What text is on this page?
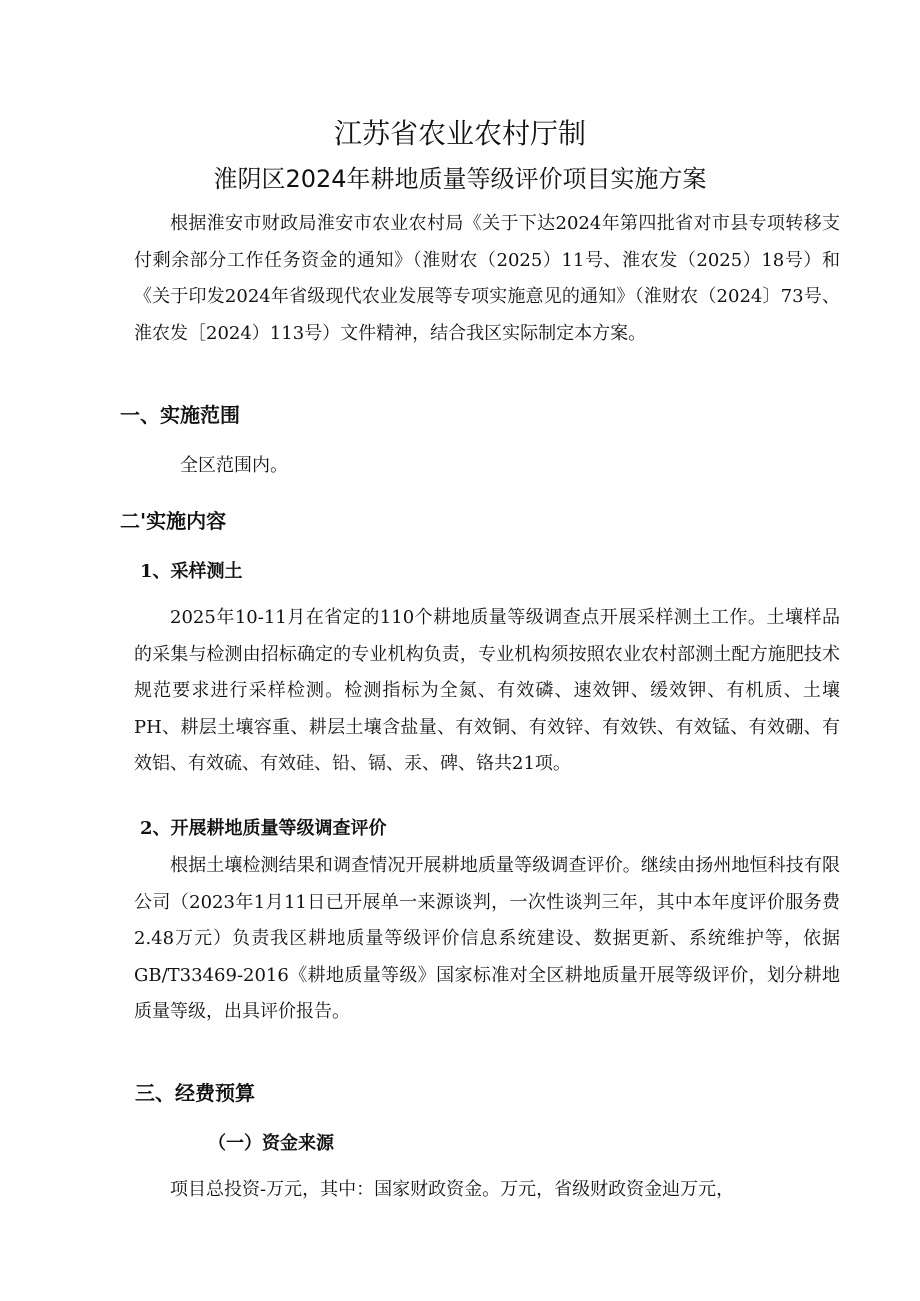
江苏省农业农村厅制
淮阴区2024年耕地质量等级评价项目实施方案

根据淮安市财政局淮安市农业农村局《关于下达2024年第四批省对市县专项转移支付剩余部分工作任务资金的通知》（淮财农（2025）11号、淮农发（2025）18号）和《关于印发2024年省级现代农业发展等专项实施意见的通知》（淮财农（2024〕73号、淮农发［2024）113号）文件精神，结合我区实际制定本方案。

一、实施范围

全区范围内。

二'实施内容
1、采样测土

2025年10-11月在省定的110个耕地质量等级调查点开展采样测土工作。土壤样品的采集与检测由招标确定的专业机构负责，专业机构须按照农业农村部测土配方施肥技术规范要求进行采样检测。检测指标为全氮、有效磷、速效钾、缓效钾、有机质、土壤PH、耕层土壤容重、耕层土壤含盐量、有效铜、有效锌、有效铁、有效锰、有效硼、有效铝、有效硫、有效硅、铅、镉、汞、碑、铬共21项。

2、开展耕地质量等级调查评价

根据土壤检测结果和调查情况开展耕地质量等级调查评价。继续由扬州地恒科技有限公司（2023年1月11日已开展单一来源谈判，一次性谈判三年，其中本年度评价服务费2.48万元）负责我区耕地质量等级评价信息系统建设、数据更新、系统维护等，依据GB/T33469-2016《耕地质量等级》国家标准对全区耕地质量开展等级评价，划分耕地质量等级，出具评价报告。

三、经费预算
（一）资金来源

项目总投资-万元，其中：国家财政资金。万元，省级财政资金辿万元，
